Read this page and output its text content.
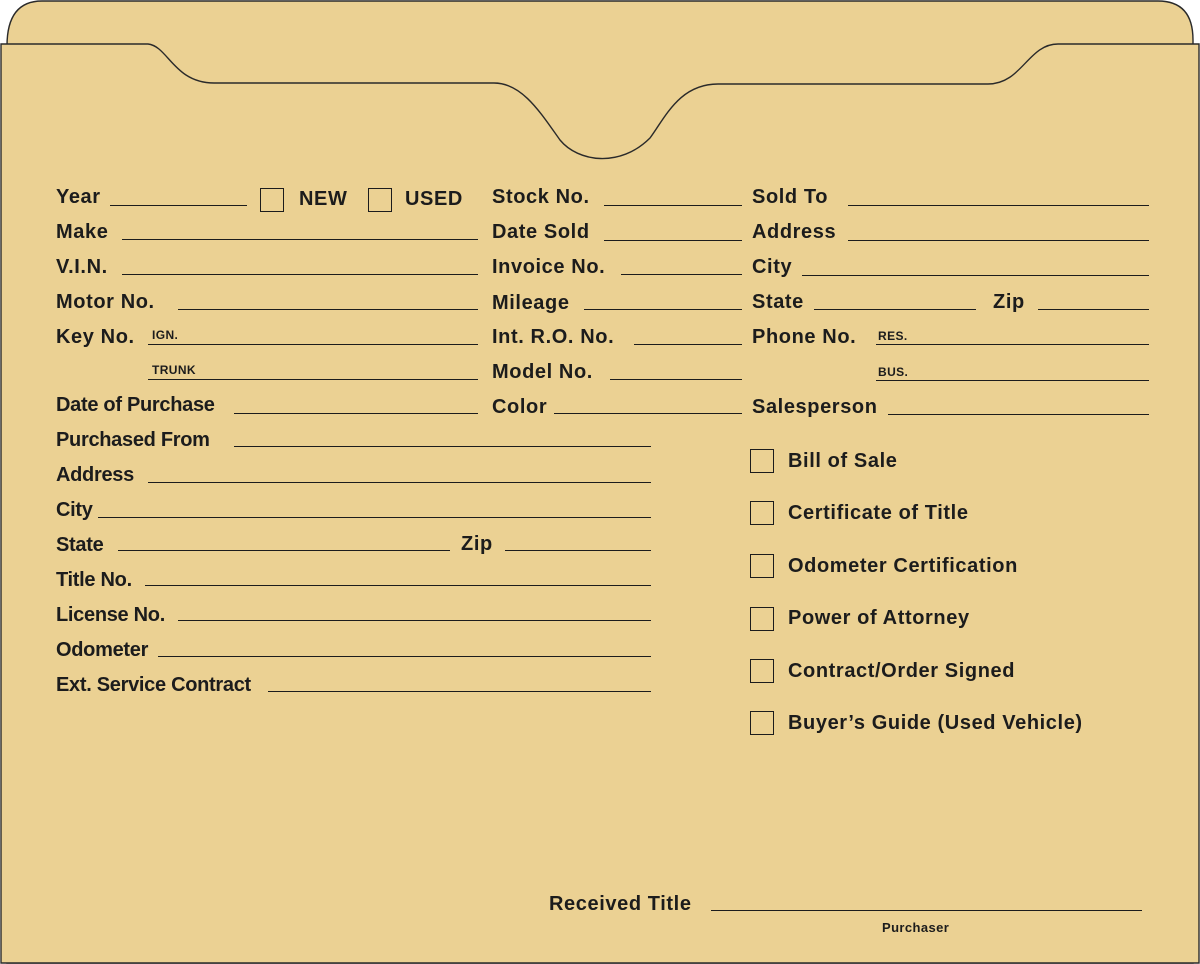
Year	NEW	USED
Make
V.I.N.
Motor No.
Key No. IGN.
TRUNK
Date of Purchase
Purchased From
Address
City
State	Zip
Title No.
License No.
Odometer
Ext. Service Contract
Stock No.
Date Sold
Invoice No.
Mileage
Int. R.O. No.
Model No.
Color
Sold To
Address
City
State	Zip
Phone No. RES.
BUS.
Salesperson
Bill of Sale
Certificate of Title
Odometer Certification
Power of Attorney
Contract/Order Signed
Buyer’s Guide (Used Vehicle)
Received Title
Purchaser
